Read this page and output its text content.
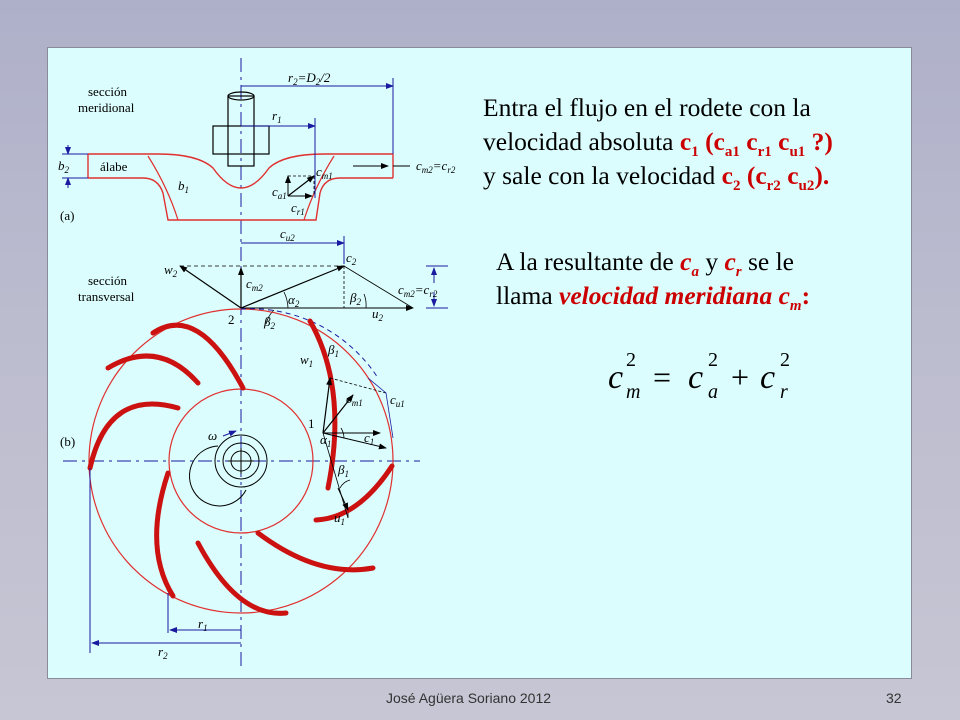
sección
meridional
álabe
(a)
$r_2=D_2/2$
$r_1$
$b_2$
$b_1$
$c_{m1}$
$c_{a1}$
$c_{r1}$
$c_{m2}=c_{r2}$
sección
transversal
$c_{u2}$
$w_2$
$c_2$
$c_{m2}$
$\alpha_2$	$\beta_2$
$\beta_2$
$c_{m2}=c_{r2}$
$u_2$
2
(b)
1
$w_1$
$\beta_1$
$c_{m1}$ $c_{u1}$
$c_1$
$\alpha_1$
$\beta_1$
$u_1$
ω
$r_1$
$r_2$
c 2
m = c 2
a + c 2
r
Entra el flujo en el rodete con la
velocidad absoluta $c_1$ ($c_{a1}$ $c_{r1}$ $c_{u1}$ ?)
y sale con la velocidad $c_2$ ($c_{r2}$ $c_{u2}$).
A la resultante de $c_a$ y $c_r$ se le
llama velocidad meridiana $c_m$:
José Agüera Soriano 2012	32
